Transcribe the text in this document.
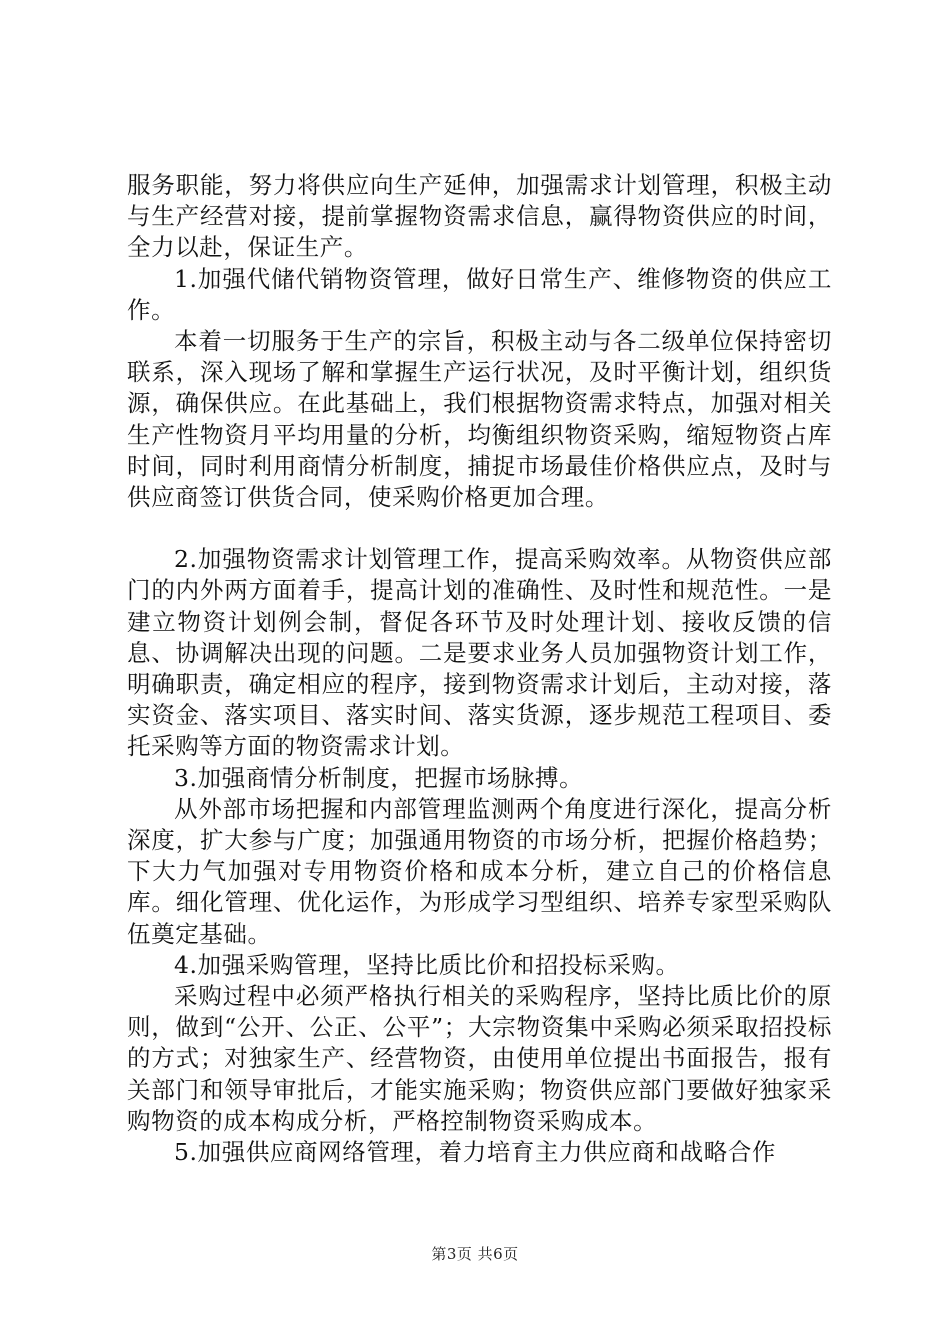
服务职能，努力将供应向生产延伸，加强需求计划管理，积极主动与生产经营对接，提前掌握物资需求信息，赢得物资供应的时间，全力以赴，保证生产。

1.加强代储代销物资管理，做好日常生产、维修物资的供应工作。

本着一切服务于生产的宗旨，积极主动与各二级单位保持密切联系，深入现场了解和掌握生产运行状况，及时平衡计划，组织货源，确保供应。在此基础上，我们根据物资需求特点，加强对相关生产性物资月平均用量的分析，均衡组织物资采购，缩短物资占库时间，同时利用商情分析制度，捕捉市场最佳价格供应点，及时与供应商签订供货合同，使采购价格更加合理。

2.加强物资需求计划管理工作，提高采购效率。从物资供应部门的内外两方面着手，提高计划的准确性、及时性和规范性。一是建立物资计划例会制，督促各环节及时处理计划、接收反馈的信息、协调解决出现的问题。二是要求业务人员加强物资计划工作，明确职责，确定相应的程序，接到物资需求计划后，主动对接，落实资金、落实项目、落实时间、落实货源，逐步规范工程项目、委托采购等方面的物资需求计划。

3.加强商情分析制度，把握市场脉搏。

从外部市场把握和内部管理监测两个角度进行深化，提高分析深度，扩大参与广度；加强通用物资的市场分析，把握价格趋势；下大力气加强对专用物资价格和成本分析，建立自己的价格信息库。细化管理、优化运作，为形成学习型组织、培养专家型采购队伍奠定基础。

4.加强采购管理，坚持比质比价和招投标采购。

采购过程中必须严格执行相关的采购程序，坚持比质比价的原则，做到“公开、公正、公平”；大宗物资集中采购必须采取招投标的方式；对独家生产、经营物资，由使用单位提出书面报告，报有关部门和领导审批后，才能实施采购；物资供应部门要做好独家采购物资的成本构成分析，严格控制物资采购成本。

5.加强供应商网络管理，着力培育主力供应商和战略合作

第3页 共6页
